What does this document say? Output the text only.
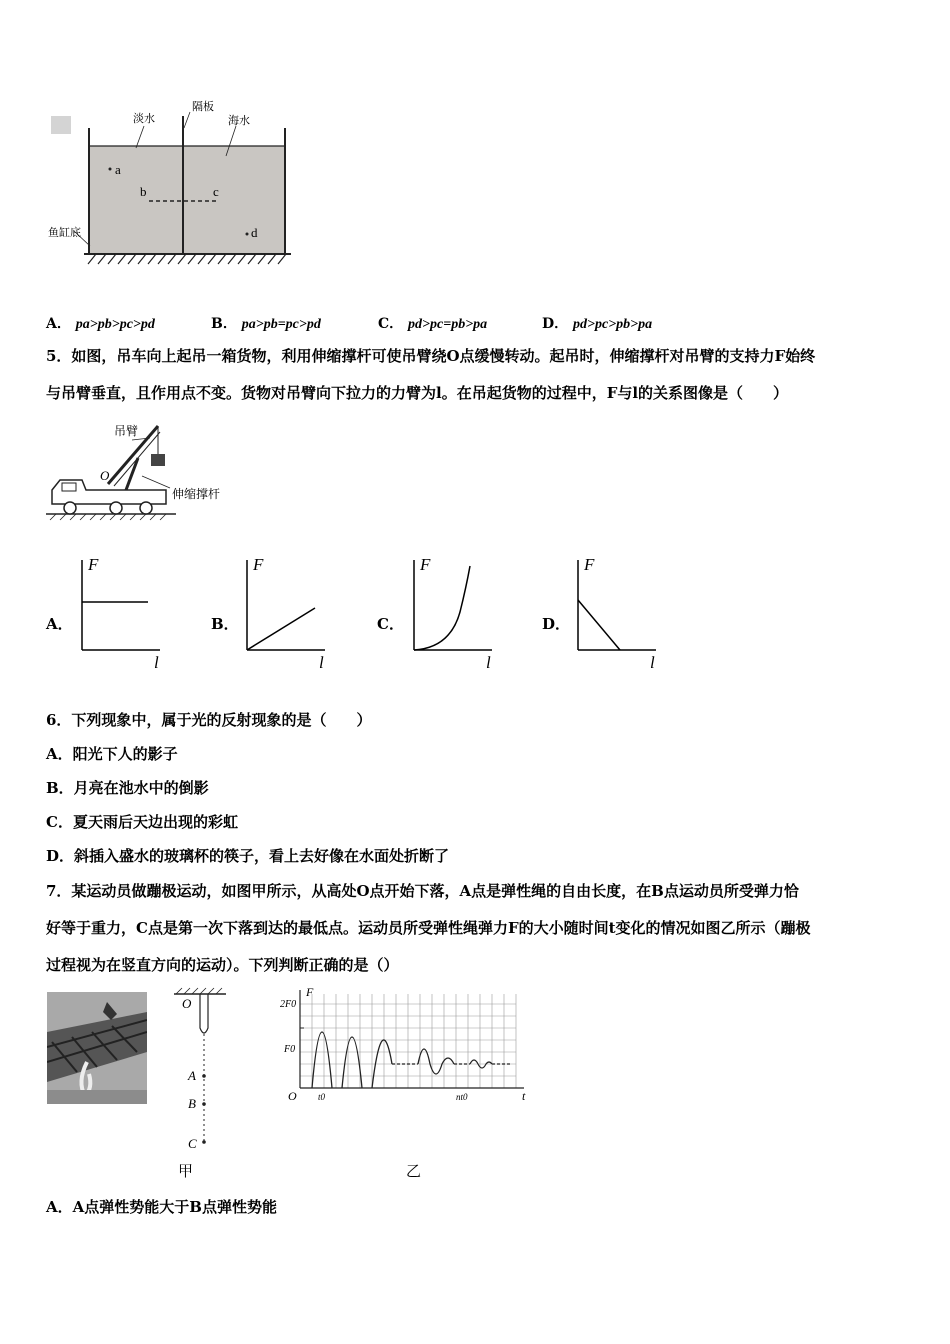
淡水
隔板
海水
鱼缸底
a
b	c
d
A． pa>pb>pc>pd	B． pa>pb=pc>pd	C． pd>pc=pb>pa	D． pd>pc>pb>pa
5．如图，吊车向上起吊一箱货物，利用伸缩撑杆可使吊臂绕O点缓慢转动。起吊时，伸缩撑杆对吊臂的支持力F始终
与吊臂垂直，且作用点不变。货物对吊臂向下拉力的力臂为l。在吊起货物的过程中，F与l的关系图像是（　　）
O
吊臂
伸缩撑杆
A．	B．	C．	D．
F
l
F
l
F
l
F
l
6．下列现象中，属于光的反射现象的是（　　）
A．阳光下人的影子
B．月亮在池水中的倒影
C．夏天雨后天边出现的彩虹
D．斜插入盛水的玻璃杯的筷子，看上去好像在水面处折断了
7．某运动员做蹦极运动，如图甲所示，从高处O点开始下落，A点是弹性绳的自由长度，在B点运动员所受弹力恰
好等于重力，C点是第一次下落到达的最低点。运动员所受弹性绳弹力F的大小随时间t变化的情况如图乙所示（蹦极
过程视为在竖直方向的运动）。下列判断正确的是（）
O
A
B
C
甲
F
2F0
F0
O t0	nt0	t
乙
A．A点弹性势能大于B点弹性势能
